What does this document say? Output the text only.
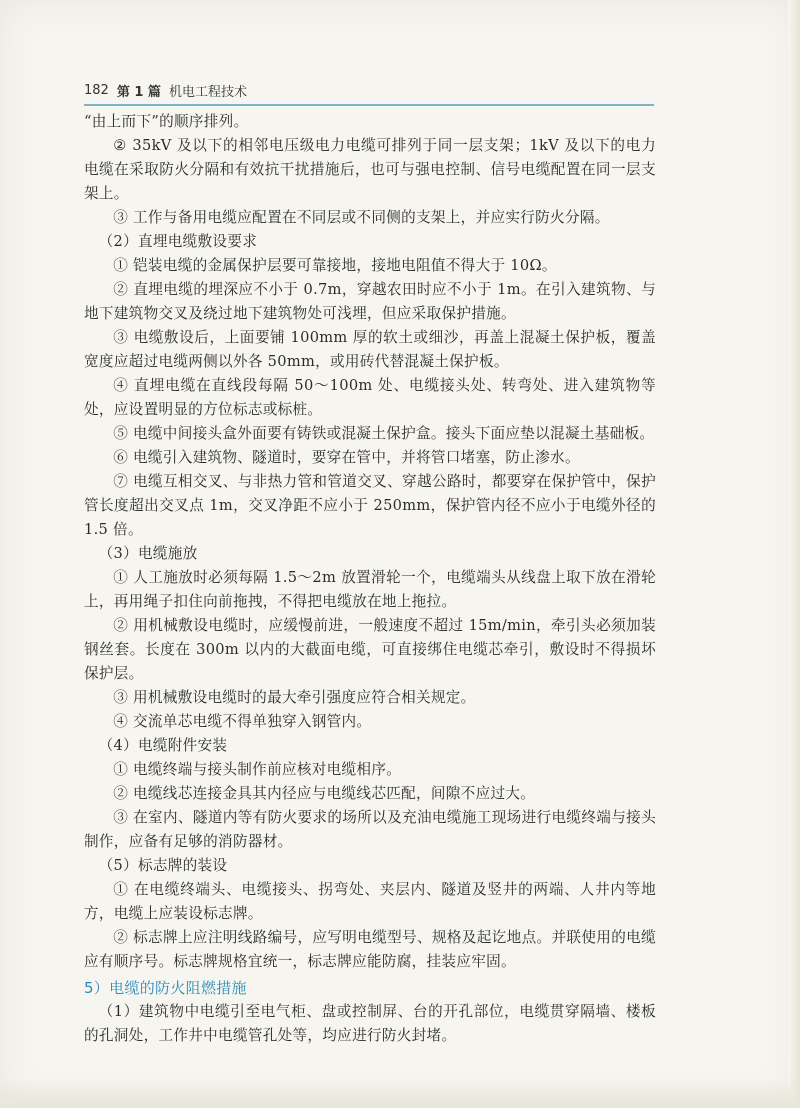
182 第 1 篇 机电工程技术

“由上而下”的顺序排列。

② 35kV 及以下的相邻电压级电力电缆可排列于同一层支架；1kV 及以下的电力电缆在采取防火分隔和有效抗干扰措施后，也可与强电控制、信号电缆配置在同一层支架上。

③ 工作与备用电缆应配置在不同层或不同侧的支架上，并应实行防火分隔。

（2）直埋电缆敷设要求

① 铠装电缆的金属保护层要可靠接地，接地电阻值不得大于 10Ω。

② 直埋电缆的埋深应不小于 0.7m，穿越农田时应不小于 1m。在引入建筑物、与地下建筑物交叉及绕过地下建筑物处可浅埋，但应采取保护措施。

③ 电缆敷设后，上面要铺 100mm 厚的软土或细沙，再盖上混凝土保护板，覆盖宽度应超过电缆两侧以外各 50mm，或用砖代替混凝土保护板。

④ 直埋电缆在直线段每隔 50～100m 处、电缆接头处、转弯处、进入建筑物等处，应设置明显的方位标志或标桩。

⑤ 电缆中间接头盒外面要有铸铁或混凝土保护盒。接头下面应垫以混凝土基础板。

⑥ 电缆引入建筑物、隧道时，要穿在管中，并将管口堵塞，防止渗水。

⑦ 电缆互相交叉、与非热力管和管道交叉、穿越公路时，都要穿在保护管中，保护管长度超出交叉点 1m，交叉净距不应小于 250mm，保护管内径不应小于电缆外径的 1.5 倍。

（3）电缆施放

① 人工施放时必须每隔 1.5～2m 放置滑轮一个，电缆端头从线盘上取下放在滑轮上，再用绳子扣住向前拖拽，不得把电缆放在地上拖拉。

② 用机械敷设电缆时，应缓慢前进，一般速度不超过 15m/min，牵引头必须加装钢丝套。长度在 300m 以内的大截面电缆，可直接绑住电缆芯牵引，敷设时不得损坏保护层。

③ 用机械敷设电缆时的最大牵引强度应符合相关规定。

④ 交流单芯电缆不得单独穿入钢管内。

（4）电缆附件安装

① 电缆终端与接头制作前应核对电缆相序。

② 电缆线芯连接金具其内径应与电缆线芯匹配，间隙不应过大。

③ 在室内、隧道内等有防火要求的场所以及充油电缆施工现场进行电缆终端与接头制作，应备有足够的消防器材。

（5）标志牌的装设

① 在电缆终端头、电缆接头、拐弯处、夹层内、隧道及竖井的两端、人井内等地方，电缆上应装设标志牌。

② 标志牌上应注明线路编号，应写明电缆型号、规格及起讫地点。并联使用的电缆应有顺序号。标志牌规格宜统一，标志牌应能防腐，挂装应牢固。

5）电缆的防火阻燃措施

（1）建筑物中电缆引至电气柜、盘或控制屏、台的开孔部位，电缆贯穿隔墙、楼板的孔洞处，工作井中电缆管孔处等，均应进行防火封堵。
